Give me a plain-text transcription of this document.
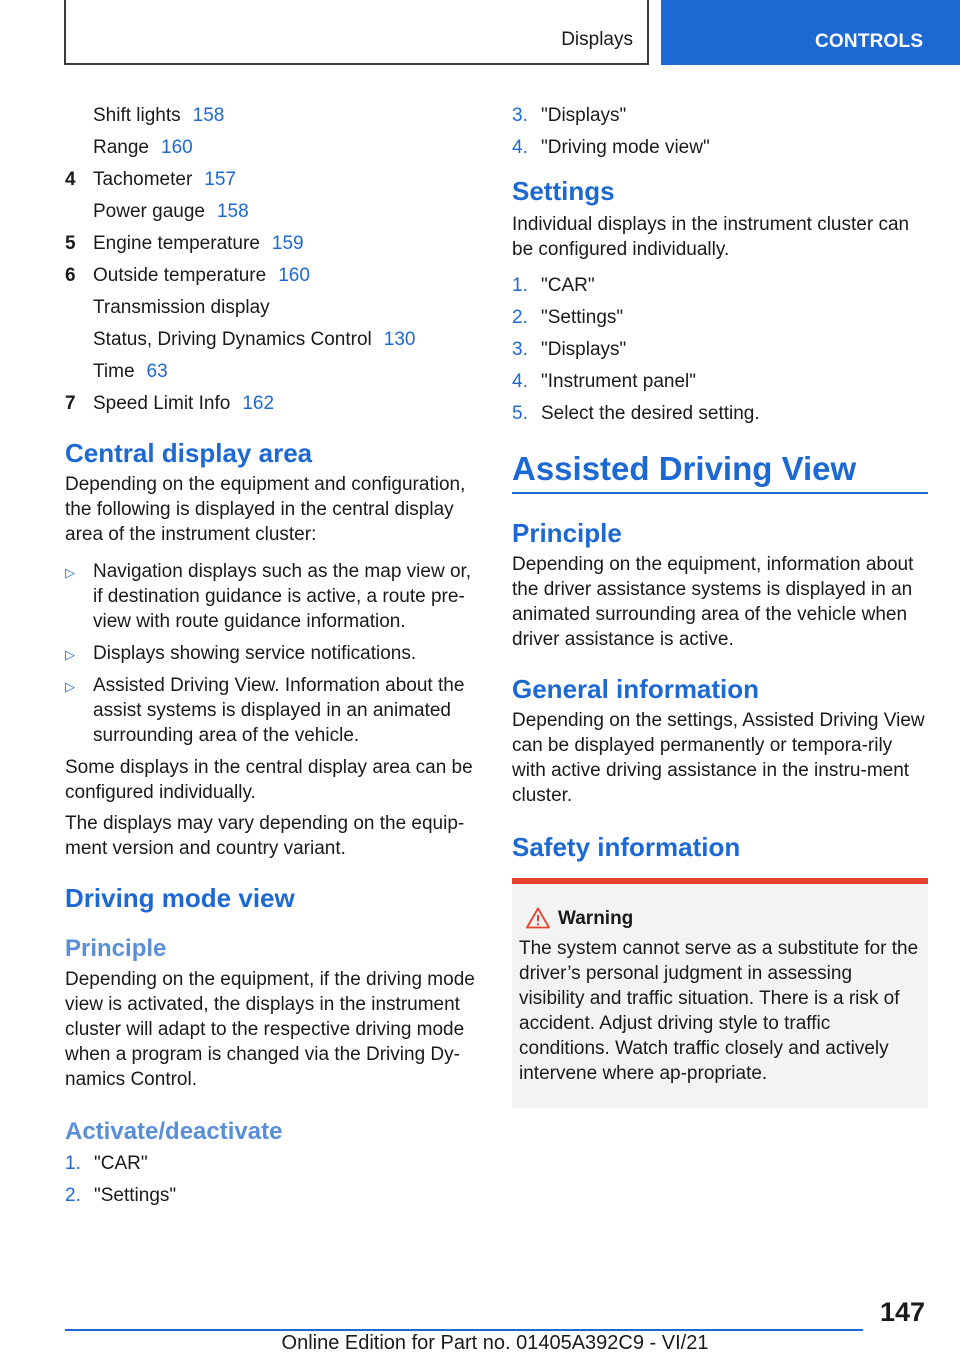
Displays	CONTROLS
Shift lights 158
Range 160
4 Tachometer 157
Power gauge 158
5 Engine temperature 159
6 Outside temperature 160
Transmission display
Status, Driving Dynamics Control 130
Time 63
7 Speed Limit Info 162
Central display area
Depending on the equipment and configuration, the following is displayed in the central display area of the instrument cluster:
▷ Navigation displays such as the map view or, if destination guidance is active, a route pre-view with route guidance information.
▷ Displays showing service notifications.
▷ Assisted Driving View. Information about the assist systems is displayed in an animated surrounding area of the vehicle.
Some displays in the central display area can be configured individually.
The displays may vary depending on the equip-ment version and country variant.
Driving mode view
Principle
Depending on the equipment, if the driving mode view is activated, the displays in the instrument cluster will adapt to the respective driving mode when a program is changed via the Driving Dy-namics Control.
Activate/deactivate
1. "CAR"
2. "Settings"
3. "Displays"
4. "Driving mode view"
Settings
Individual displays in the instrument cluster can be configured individually.
1. "CAR"
2. "Settings"
3. "Displays"
4. "Instrument panel"
5. Select the desired setting.
Assisted Driving View
Principle
Depending on the equipment, information about the driver assistance systems is displayed in an animated surrounding area of the vehicle when driver assistance is active.
General information
Depending on the settings, Assisted Driving View can be displayed permanently or tempora-rily with active driving assistance in the instru-ment cluster.
Safety information
Warning
The system cannot serve as a substitute for the driver’s personal judgment in assessing visibility and traffic situation. There is a risk of accident. Adjust driving style to traffic conditions. Watch traffic closely and actively intervene where ap-propriate.
147
Online Edition for Part no. 01405A392C9 - VI/21
